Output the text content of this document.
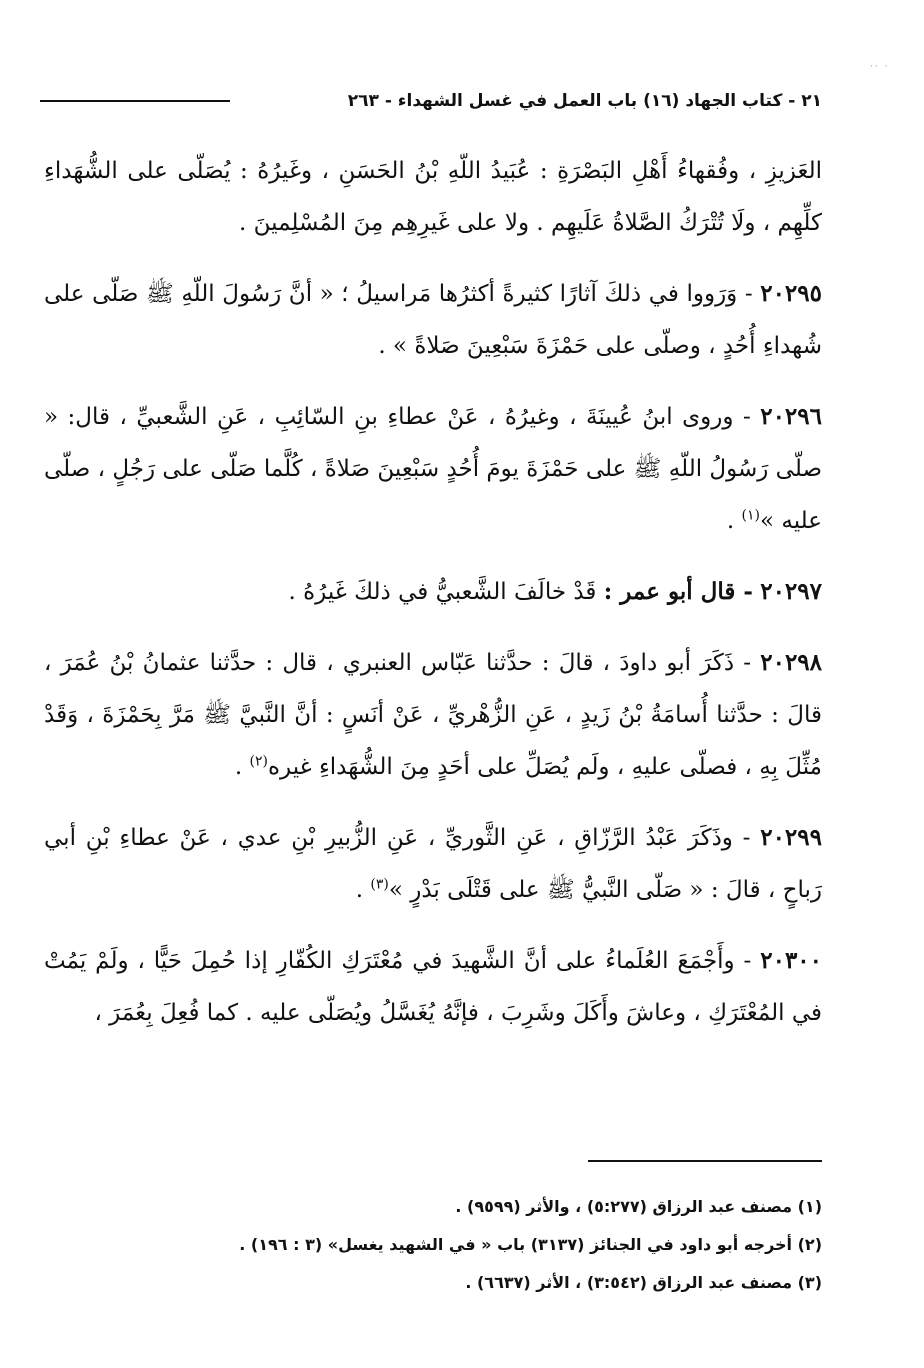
·· ·
٢١ - كتاب الجهاد (١٦) باب العمل في غسل الشهداء - ٢٦٣

العَزيزِ ، وفُقهاءُ أَهْلِ البَصْرَةِ : عُبَيدُ اللّهِ بْنُ الحَسَنِ ، وغَيرُهُ : يُصَلّى على الشُّهَداءِ كلِّهِم ، ولَا تُتْرَكُ الصَّلاةُ عَلَيهِم . ولا على غَيرِهِم مِنَ المُسْلِمينَ .

٢٠٢٩٥ - وَرَووا في ذلكَ آثارًا كثيرةً أكثرُها مَراسيلُ ؛ « أنَّ رَسُولَ اللّهِ ﷺ صَلّى على شُهداءِ أُحُدٍ ، وصلّى على حَمْزَةَ سَبْعِينَ صَلاةً » .

٢٠٢٩٦ - وروى ابنُ عُيينَةَ ، وغيرُهُ ، عَنْ عطاءِ بنِ السّائِبِ ، عَنِ الشَّعبيِّ ، قال: « صلّى رَسُولُ اللّهِ ﷺ على حَمْزَةَ يومَ أُحُدٍ سَبْعِينَ صَلاةً ، كُلَّما صَلّى على رَجُلٍ ، صلّى عليه »$^{(١)}$ .

٢٠٢٩٧ - قال أبو عمر : قَدْ خالَفَ الشَّعبيُّ في ذلكَ غَيرُهُ .

٢٠٢٩٨ - ذَكَرَ أبو داودَ ، قالَ : حدَّثنا عَبّاس العنبري ، قال : حدَّثنا عثمانُ بْنُ عُمَرَ ، قالَ : حدَّثنا أُسامَةُ بْنُ زَيدٍ ، عَنِ الزُّهْريِّ ، عَنْ أنَسٍ : أنَّ النَّبيَّ ﷺ مَرَّ بِحَمْزَةَ ، وَقَدْ مُثِّلَ بِهِ ، فصلّى عليهِ ، ولَم يُصَلِّ على أحَدٍ مِنَ الشُّهَداءِ غيره$^{(٢)}$ .

٢٠٢٩٩ - وذَكَرَ عَبْدُ الرَّزّاقِ ، عَنِ الثَّوريِّ ، عَنِ الزُّبيرِ بْنِ عدي ، عَنْ عطاءِ بْنِ أبي رَباحٍ ، قالَ : « صَلّى النَّبيُّ ﷺ على قَتْلَى بَدْرٍ »$^{(٣)}$ .

٢٠٣٠٠ - وأَجْمَعَ العُلَماءُ على أنَّ الشَّهيدَ في مُعْتَرَكِ الكُفّارِ إذا حُمِلَ حَيًّا ، ولَمْ يَمُتْ في المُعْتَرَكِ ، وعاشَ وأَكَلَ وشَرِبَ ، فإنَّهُ يُغَسَّلُ ويُصَلّى عليه . كما فُعِلَ بِعُمَرَ ،

(١) مصنف عبد الرزاق (٥:٢٧٧) ، والأثر (٩٥٩٩) .
(٢) أخرجه أبو داود في الجنائز (٣١٣٧) باب « في الشهيد يغسل» (٣ : ١٩٦) .
(٣) مصنف عبد الرزاق (٣:٥٤٢) ، الأثر (٦٦٣٧) .
